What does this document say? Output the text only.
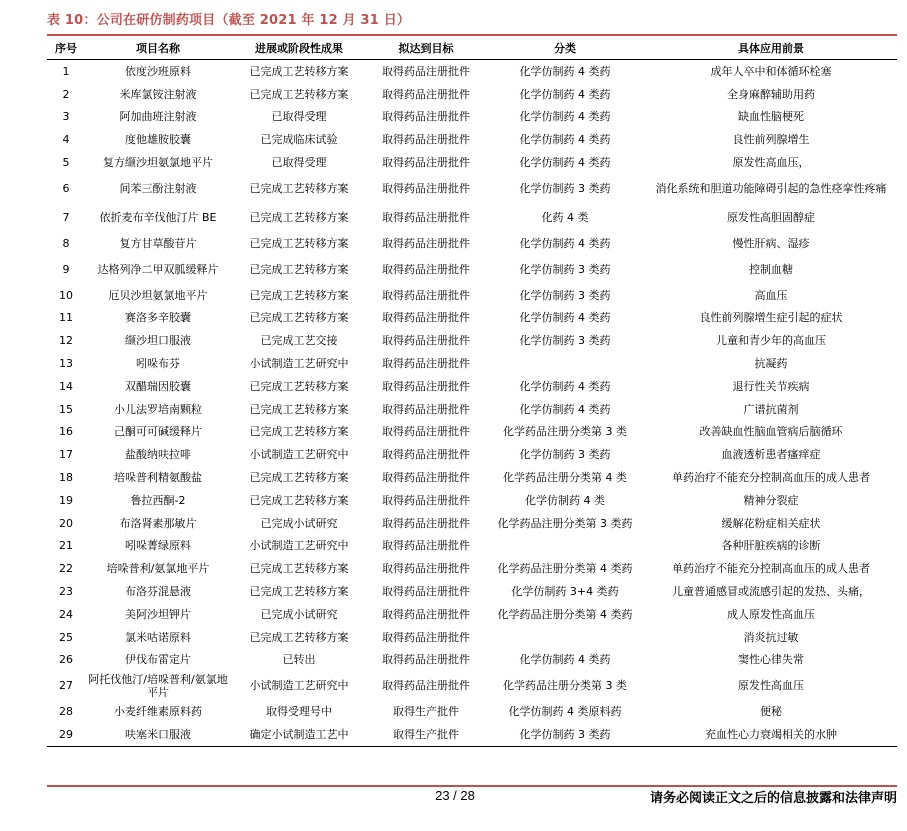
表 10：公司在研仿制药项目（截至 2021 年 12 月 31 日）
序号	项目名称	进展或阶段性成果	拟达到目标	分类	具体应用前景
1	依度沙班原料	已完成工艺转移方案	取得药品注册批件	化学仿制药 4 类药	成年人卒中和体循环栓塞
2	米库氯铵注射液	已完成工艺转移方案	取得药品注册批件	化学仿制药 4 类药	全身麻醉辅助用药
3	阿加曲班注射液	已取得受理	取得药品注册批件	化学仿制药 4 类药	缺血性脑梗死
4	度他雄胺胶囊	已完成临床试验	取得药品注册批件	化学仿制药 4 类药	良性前列腺增生
5	复方缬沙坦氨氯地平片	已取得受理	取得药品注册批件	化学仿制药 4 类药	原发性高血压，
6	间苯三酚注射液	已完成工艺转移方案	取得药品注册批件	化学仿制药 3 类药	消化系统和胆道功能障碍引起的急性痉挛性疼痛
7	依折麦布辛伐他汀片 BE	已完成工艺转移方案	取得药品注册批件	化药 4 类	原发性高胆固醇症
8	复方甘草酸苷片	已完成工艺转移方案	取得药品注册批件	化学仿制药 4 类药	慢性肝病、湿疹
9	达格列净二甲双胍缓释片	已完成工艺转移方案	取得药品注册批件	化学仿制药 3 类药	控制血糖
10	厄贝沙坦氨氯地平片	已完成工艺转移方案	取得药品注册批件	化学仿制药 3 类药	高血压
11	赛洛多辛胶囊	已完成工艺转移方案	取得药品注册批件	化学仿制药 4 类药	良性前列腺增生症引起的症状
12	缬沙坦口服液	已完成工艺交接	取得药品注册批件	化学仿制药 3 类药	儿童和青少年的高血压
13	吲哚布芬	小试制造工艺研究中	取得药品注册批件		抗凝药
14	双醋瑞因胶囊	已完成工艺转移方案	取得药品注册批件	化学仿制药 4 类药	退行性关节疾病
15	小儿法罗培南颗粒	已完成工艺转移方案	取得药品注册批件	化学仿制药 4 类药	广谱抗菌剂
16	己酮可可碱缓释片	已完成工艺转移方案	取得药品注册批件	化学药品注册分类第 3 类	改善缺血性脑血管病后脑循环
17	盐酸纳呋拉啡	小试制造工艺研究中	取得药品注册批件	化学仿制药 3 类药	血液透析患者瘙痒症
18	培哚普利精氨酸盐	已完成工艺转移方案	取得药品注册批件	化学药品注册分类第 4 类	单药治疗不能充分控制高血压的成人患者
19	鲁拉西酮-2	已完成工艺转移方案	取得药品注册批件	化学仿制药 4 类	精神分裂症
20	布洛肾素那敏片	已完成小试研究	取得药品注册批件	化学药品注册分类第 3 类药	缓解花粉症相关症状
21	吲哚菁绿原料	小试制造工艺研究中	取得药品注册批件		各种肝脏疾病的诊断
22	培哚普利/氨氯地平片	已完成工艺转移方案	取得药品注册批件	化学药品注册分类第 4 类药	单药治疗不能充分控制高血压的成人患者
23	布洛芬混悬液	已完成工艺转移方案	取得药品注册批件	化学仿制药 3+4 类药	儿童普通感冒或流感引起的发热、头痛，
24	美阿沙坦钾片	已完成小试研究	取得药品注册批件	化学药品注册分类第 4 类药	成人原发性高血压
25	氯米咕诺原料	已完成工艺转移方案	取得药品注册批件		消炎抗过敏
26	伊伐布雷定片	已转出	取得药品注册批件	化学仿制药 4 类药	窦性心律失常
27	阿托伐他汀/培哚普利/氨氯地平片	小试制造工艺研究中	取得药品注册批件	化学药品注册分类第 3 类	原发性高血压
28	小麦纤维素原料药	取得受理号中	取得生产批件	化学仿制药 4 类原料药	便秘
29	呋塞米口服液	确定小试制造工艺中	取得生产批件	化学仿制药 3 类药	充血性心力衰竭相关的水肿
23 / 28	请务必阅读正文之后的信息披露和法律声明
